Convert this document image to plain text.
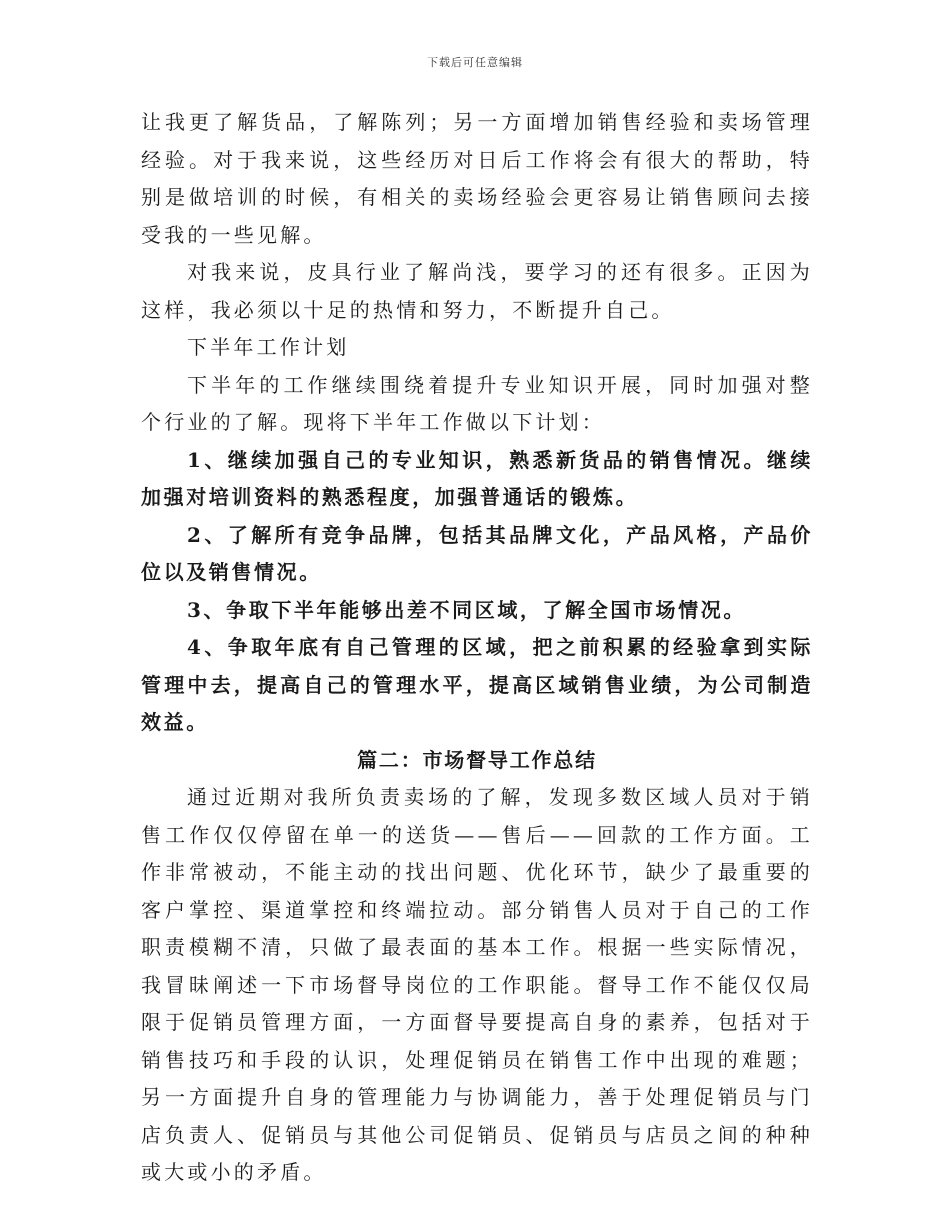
下载后可任意编辑

让我更了解货品，了解陈列；另一方面增加销售经验和卖场管理经验。对于我来说，这些经历对日后工作将会有很大的帮助，特别是做培训的时候，有相关的卖场经验会更容易让销售顾问去接受我的一些见解。

对我来说，皮具行业了解尚浅，要学习的还有很多。正因为这样，我必须以十足的热情和努力，不断提升自己。

下半年工作计划

下半年的工作继续围绕着提升专业知识开展，同时加强对整个行业的了解。现将下半年工作做以下计划：

1、继续加强自己的专业知识，熟悉新货品的销售情况。继续加强对培训资料的熟悉程度，加强普通话的锻炼。

2、了解所有竞争品牌，包括其品牌文化，产品风格，产品价位以及销售情况。

3、争取下半年能够出差不同区域，了解全国市场情况。

4、争取年底有自己管理的区域，把之前积累的经验拿到实际管理中去，提高自己的管理水平，提高区域销售业绩，为公司制造效益。

篇二：市场督导工作总结

通过近期对我所负责卖场的了解，发现多数区域人员对于销售工作仅仅停留在单一的送货——售后——回款的工作方面。工作非常被动，不能主动的找出问题、优化环节，缺少了最重要的客户掌控、渠道掌控和终端拉动。部分销售人员对于自己的工作职责模糊不清，只做了最表面的基本工作。根据一些实际情况，我冒昧阐述一下市场督导岗位的工作职能。督导工作不能仅仅局限于促销员管理方面，一方面督导要提高自身的素养，包括对于销售技巧和手段的认识，处理促销员在销售工作中出现的难题；另一方面提升自身的管理能力与协调能力，善于处理促销员与门店负责人、促销员与其他公司促销员、促销员与店员之间的种种或大或小的矛盾。
